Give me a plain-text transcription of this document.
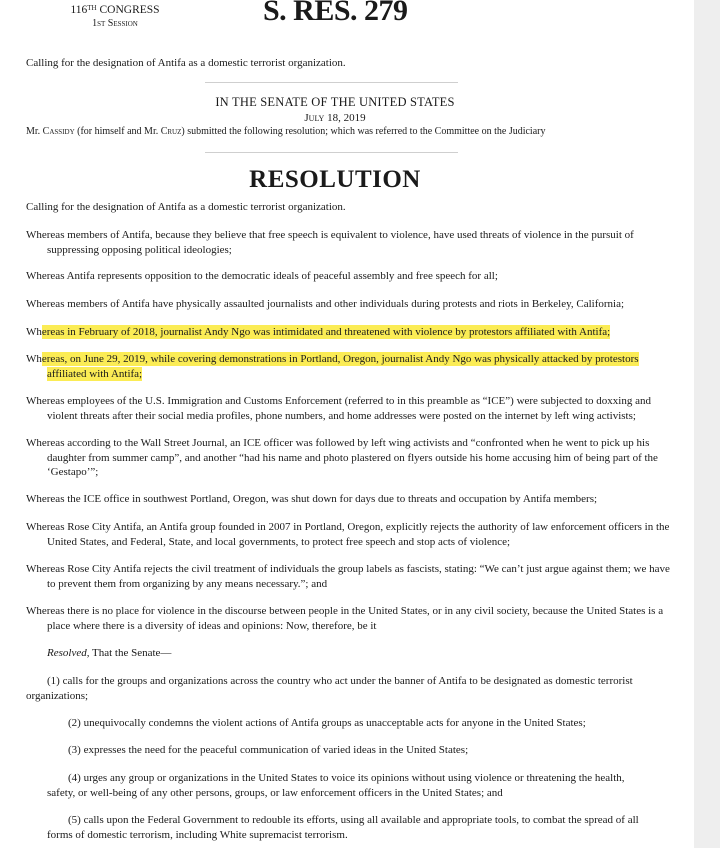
116TH CONGRESS
1st Session	S. RES. 279
Calling for the designation of Antifa as a domestic terrorist organization.
IN THE SENATE OF THE UNITED STATES
July 18, 2019
Mr. Cassidy (for himself and Mr. Cruz) submitted the following resolution; which was referred to the Committee on the Judiciary
RESOLUTION
Calling for the designation of Antifa as a domestic terrorist organization.
Whereas members of Antifa, because they believe that free speech is equivalent to violence, have used threats of violence in the pursuit of suppressing opposing political ideologies;
Whereas Antifa represents opposition to the democratic ideals of peaceful assembly and free speech for all;
Whereas members of Antifa have physically assaulted journalists and other individuals during protests and riots in Berkeley, California;
Whereas in February of 2018, journalist Andy Ngo was intimidated and threatened with violence by protestors affiliated with Antifa;
Whereas, on June 29, 2019, while covering demonstrations in Portland, Oregon, journalist Andy Ngo was physically attacked by protestors affiliated with Antifa;
Whereas employees of the U.S. Immigration and Customs Enforcement (referred to in this preamble as “ICE”) were subjected to doxxing and violent threats after their social media profiles, phone numbers, and home addresses were posted on the internet by left wing activists;
Whereas according to the Wall Street Journal, an ICE officer was followed by left wing activists and “confronted when he went to pick up his daughter from summer camp”, and another “had his name and photo plastered on flyers outside his home accusing him of being part of the ‘Gestapo’”;
Whereas the ICE office in southwest Portland, Oregon, was shut down for days due to threats and occupation by Antifa members;
Whereas Rose City Antifa, an Antifa group founded in 2007 in Portland, Oregon, explicitly rejects the authority of law enforcement officers in the United States, and Federal, State, and local governments, to protect free speech and stop acts of violence;
Whereas Rose City Antifa rejects the civil treatment of individuals the group labels as fascists, stating: “We can’t just argue against them; we have to prevent them from organizing by any means necessary.”; and
Whereas there is no place for violence in the discourse between people in the United States, or in any civil society, because the United States is a place where there is a diversity of ideas and opinions: Now, therefore, be it
Resolved, That the Senate—
(1) calls for the groups and organizations across the country who act under the banner of Antifa to be designated as domestic terrorist organizations;
(2) unequivocally condemns the violent actions of Antifa groups as unacceptable acts for anyone in the United States;
(3) expresses the need for the peaceful communication of varied ideas in the United States;
(4) urges any group or organizations in the United States to voice its opinions without using violence or threatening the health, safety, or well-being of any other persons, groups, or law enforcement officers in the United States; and
(5) calls upon the Federal Government to redouble its efforts, using all available and appropriate tools, to combat the spread of all forms of domestic terrorism, including White supremacist terrorism.
